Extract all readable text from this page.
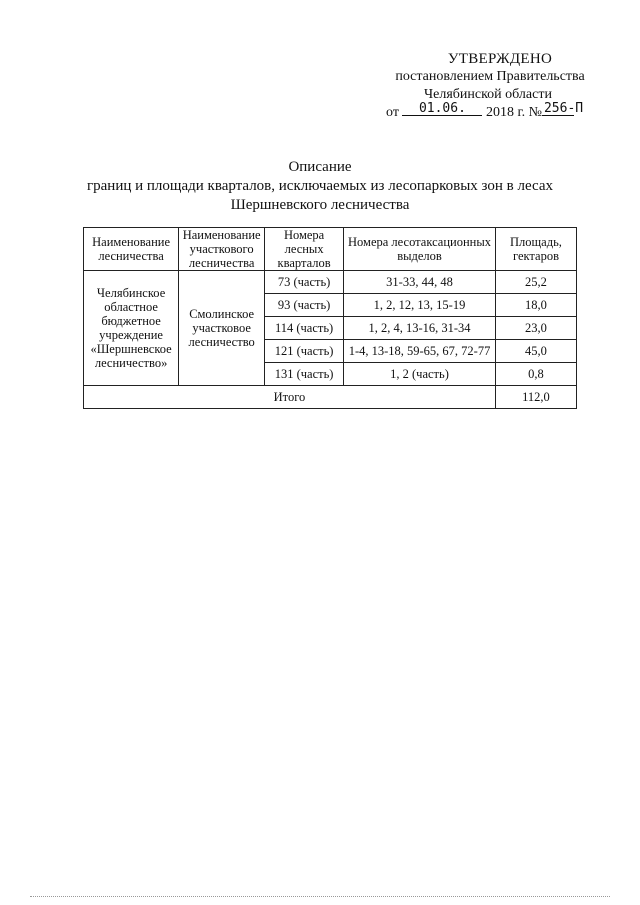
УТВЕРЖДЕНО
постановлением Правительства
Челябинской области
от 01.06. 2018 г. № 256-П
Описание
границ и площади кварталов, исключаемых из лесопарковых зон в лесах
Шершневского лесничества
Наименование лесничества	Наименование участкового лесничества	Номера лесных кварталов	Номера лесотаксационных выделов	Площадь, гектаров
Челябинское областное бюджетное учреждение «Шершневское лесничество»	Смолинское участковое лесничество	73 (часть)	31-33, 44, 48	25,2
		93 (часть)	1, 2, 12, 13, 15-19	18,0
		114 (часть)	1, 2, 4, 13-16, 31-34	23,0
		121 (часть)	1-4, 13-18, 59-65, 67, 72-77	45,0
		131 (часть)	1, 2 (часть)	0,8
Итого				112,0
